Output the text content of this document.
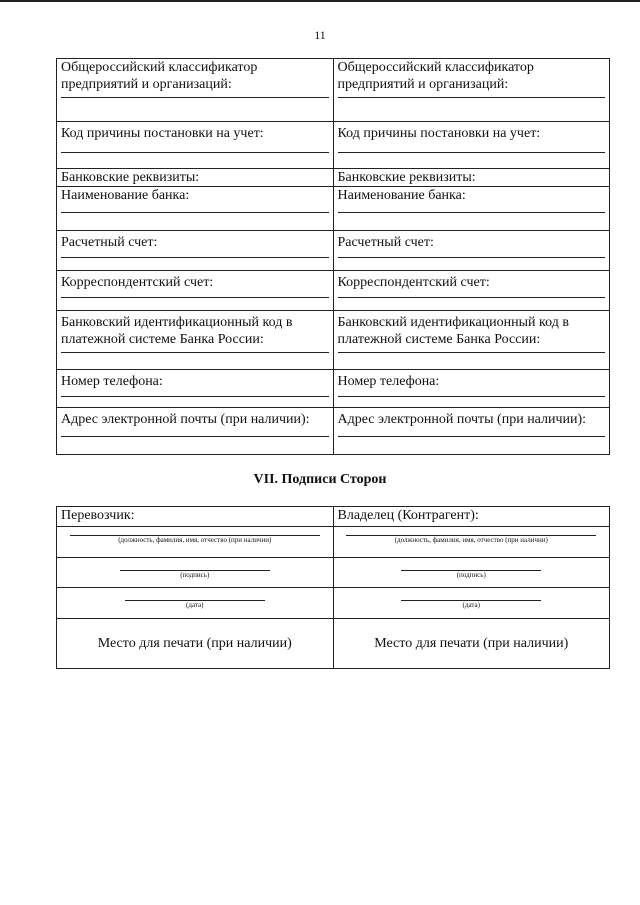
11
Общероссийский классификатор предприятий и организаций:	Общероссийский классификатор предприятий и организаций:

Код причины постановки на учет:	Код причины постановки на учет:

Банковские реквизиты:	Банковские реквизиты:

Наименование банка:	Наименование банка:

Расчетный счет:	Расчетный счет:

Корреспондентский счет:	Корреспондентский счет:

Банковский идентификационный код в платежной системе Банка России:	Банковский идентификационный код в платежной системе Банка России:

Номер телефона:	Номер телефона:

Адрес электронной почты (при наличии):	Адрес электронной почты (при наличии):
VII. Подписи Сторон
Перевозчик:	Владелец (Контрагент):

(должность, фамилия, имя, отчество (при наличии)	(должность, фамилия, имя, отчество (при наличии)

(подпись)	(подпись)

(дата)	(дата)

Место для печати (при наличии)	Место для печати (при наличии)
